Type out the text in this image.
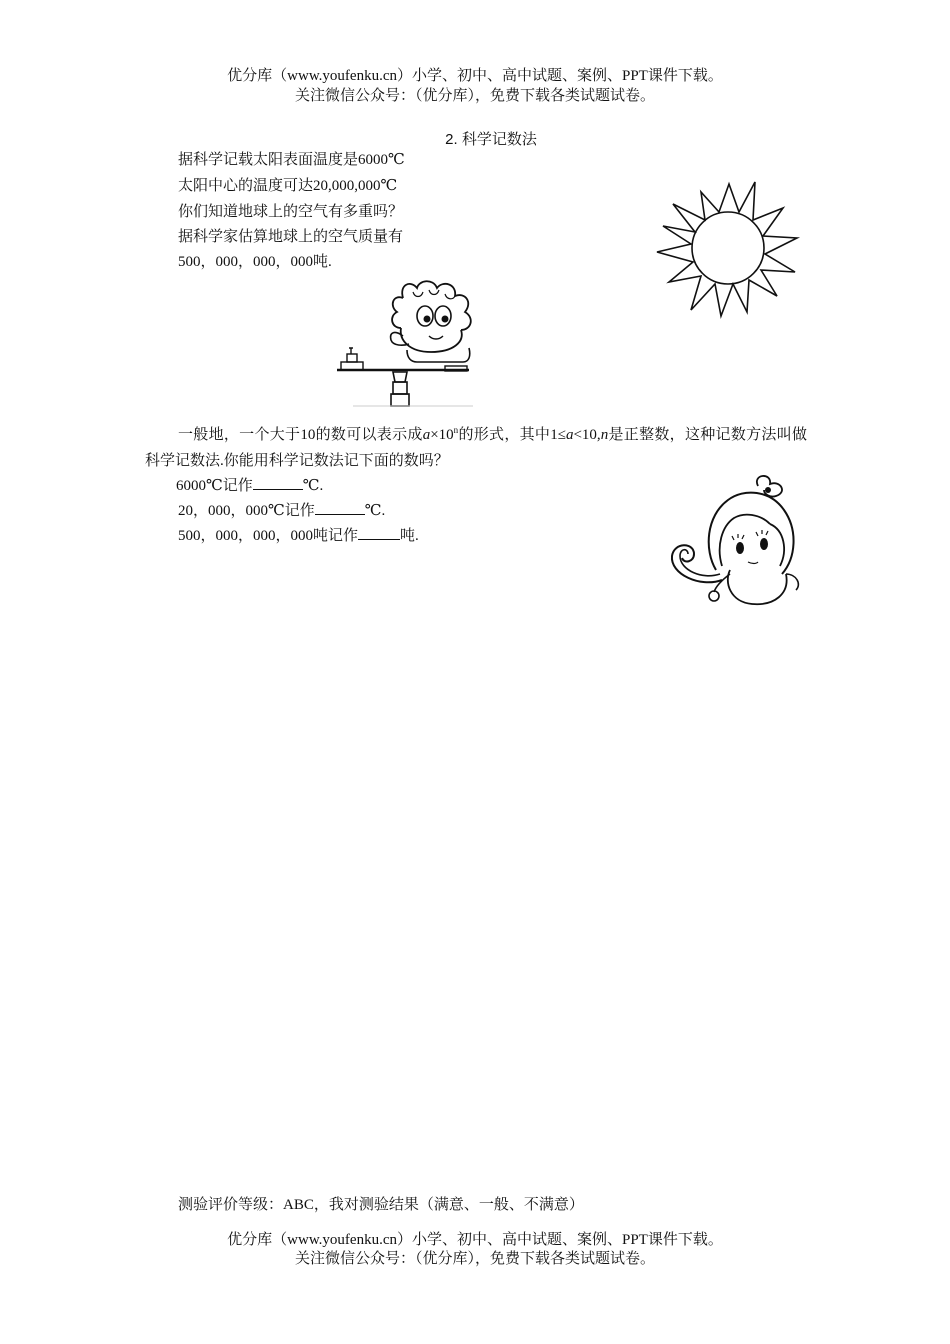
优分库（www.youfenku.cn）小学、初中、高中试题、案例、PPT课件下载。
关注微信公众号：（优分库），免费下载各类试题试卷。
2. 科学记数法
据科学记载太阳表面温度是6000℃
太阳中心的温度可达20,000,000℃
你们知道地球上的空气有多重吗？
据科学家估算地球上的空气质量有
500，000，000，000吨.
一般地，一个大于10的数可以表示成$a\times 10^n$的形式，其中1≤a<10,n是正整数，这种记数方法叫做科学记数法.你能用科学记数法记下面的数吗？
6000℃记作	℃.
20，000，000℃记作	℃.
500，000，000，000吨记作	吨.
测验评价等级：ABC，我对测验结果（满意、一般、不满意）
优分库（www.youfenku.cn）小学、初中、高中试题、案例、PPT课件下载。
关注微信公众号：（优分库），免费下载各类试题试卷。
